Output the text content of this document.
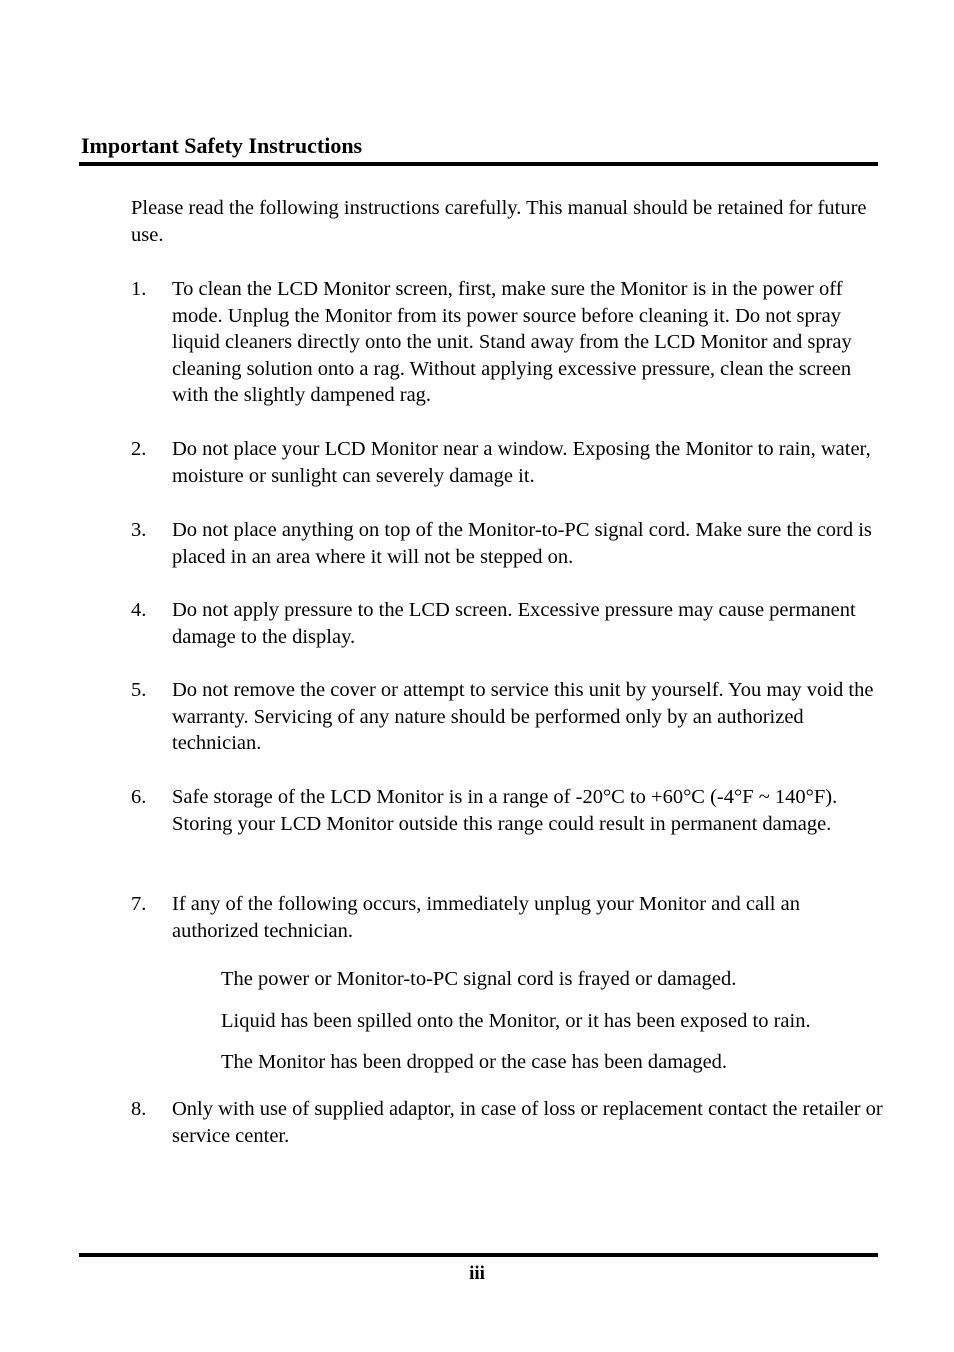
Important Safety Instructions
Please read the following instructions carefully. This manual should be retained for future use.
1. To clean the LCD Monitor screen, first, make sure the Monitor is in the power off mode. Unplug the Monitor from its power source before cleaning it. Do not spray liquid cleaners directly onto the unit. Stand away from the LCD Monitor and spray cleaning solution onto a rag. Without applying excessive pressure, clean the screen with the slightly dampened rag.
2. Do not place your LCD Monitor near a window. Exposing the Monitor to rain, water, moisture or sunlight can severely damage it.
3. Do not place anything on top of the Monitor-to-PC signal cord. Make sure the cord is placed in an area where it will not be stepped on.
4. Do not apply pressure to the LCD screen. Excessive pressure may cause permanent damage to the display.
5. Do not remove the cover or attempt to service this unit by yourself. You may void the warranty. Servicing of any nature should be performed only by an authorized technician.
6. Safe storage of the LCD Monitor is in a range of -20°C to +60°C (-4°F ~ 140°F). Storing your LCD Monitor outside this range could result in permanent damage.
7. If any of the following occurs, immediately unplug your Monitor and call an authorized technician.
The power or Monitor-to-PC signal cord is frayed or damaged.
Liquid has been spilled onto the Monitor, or it has been exposed to rain.
The Monitor has been dropped or the case has been damaged.
8. Only with use of supplied adaptor, in case of loss or replacement contact the retailer or service center.
iii
